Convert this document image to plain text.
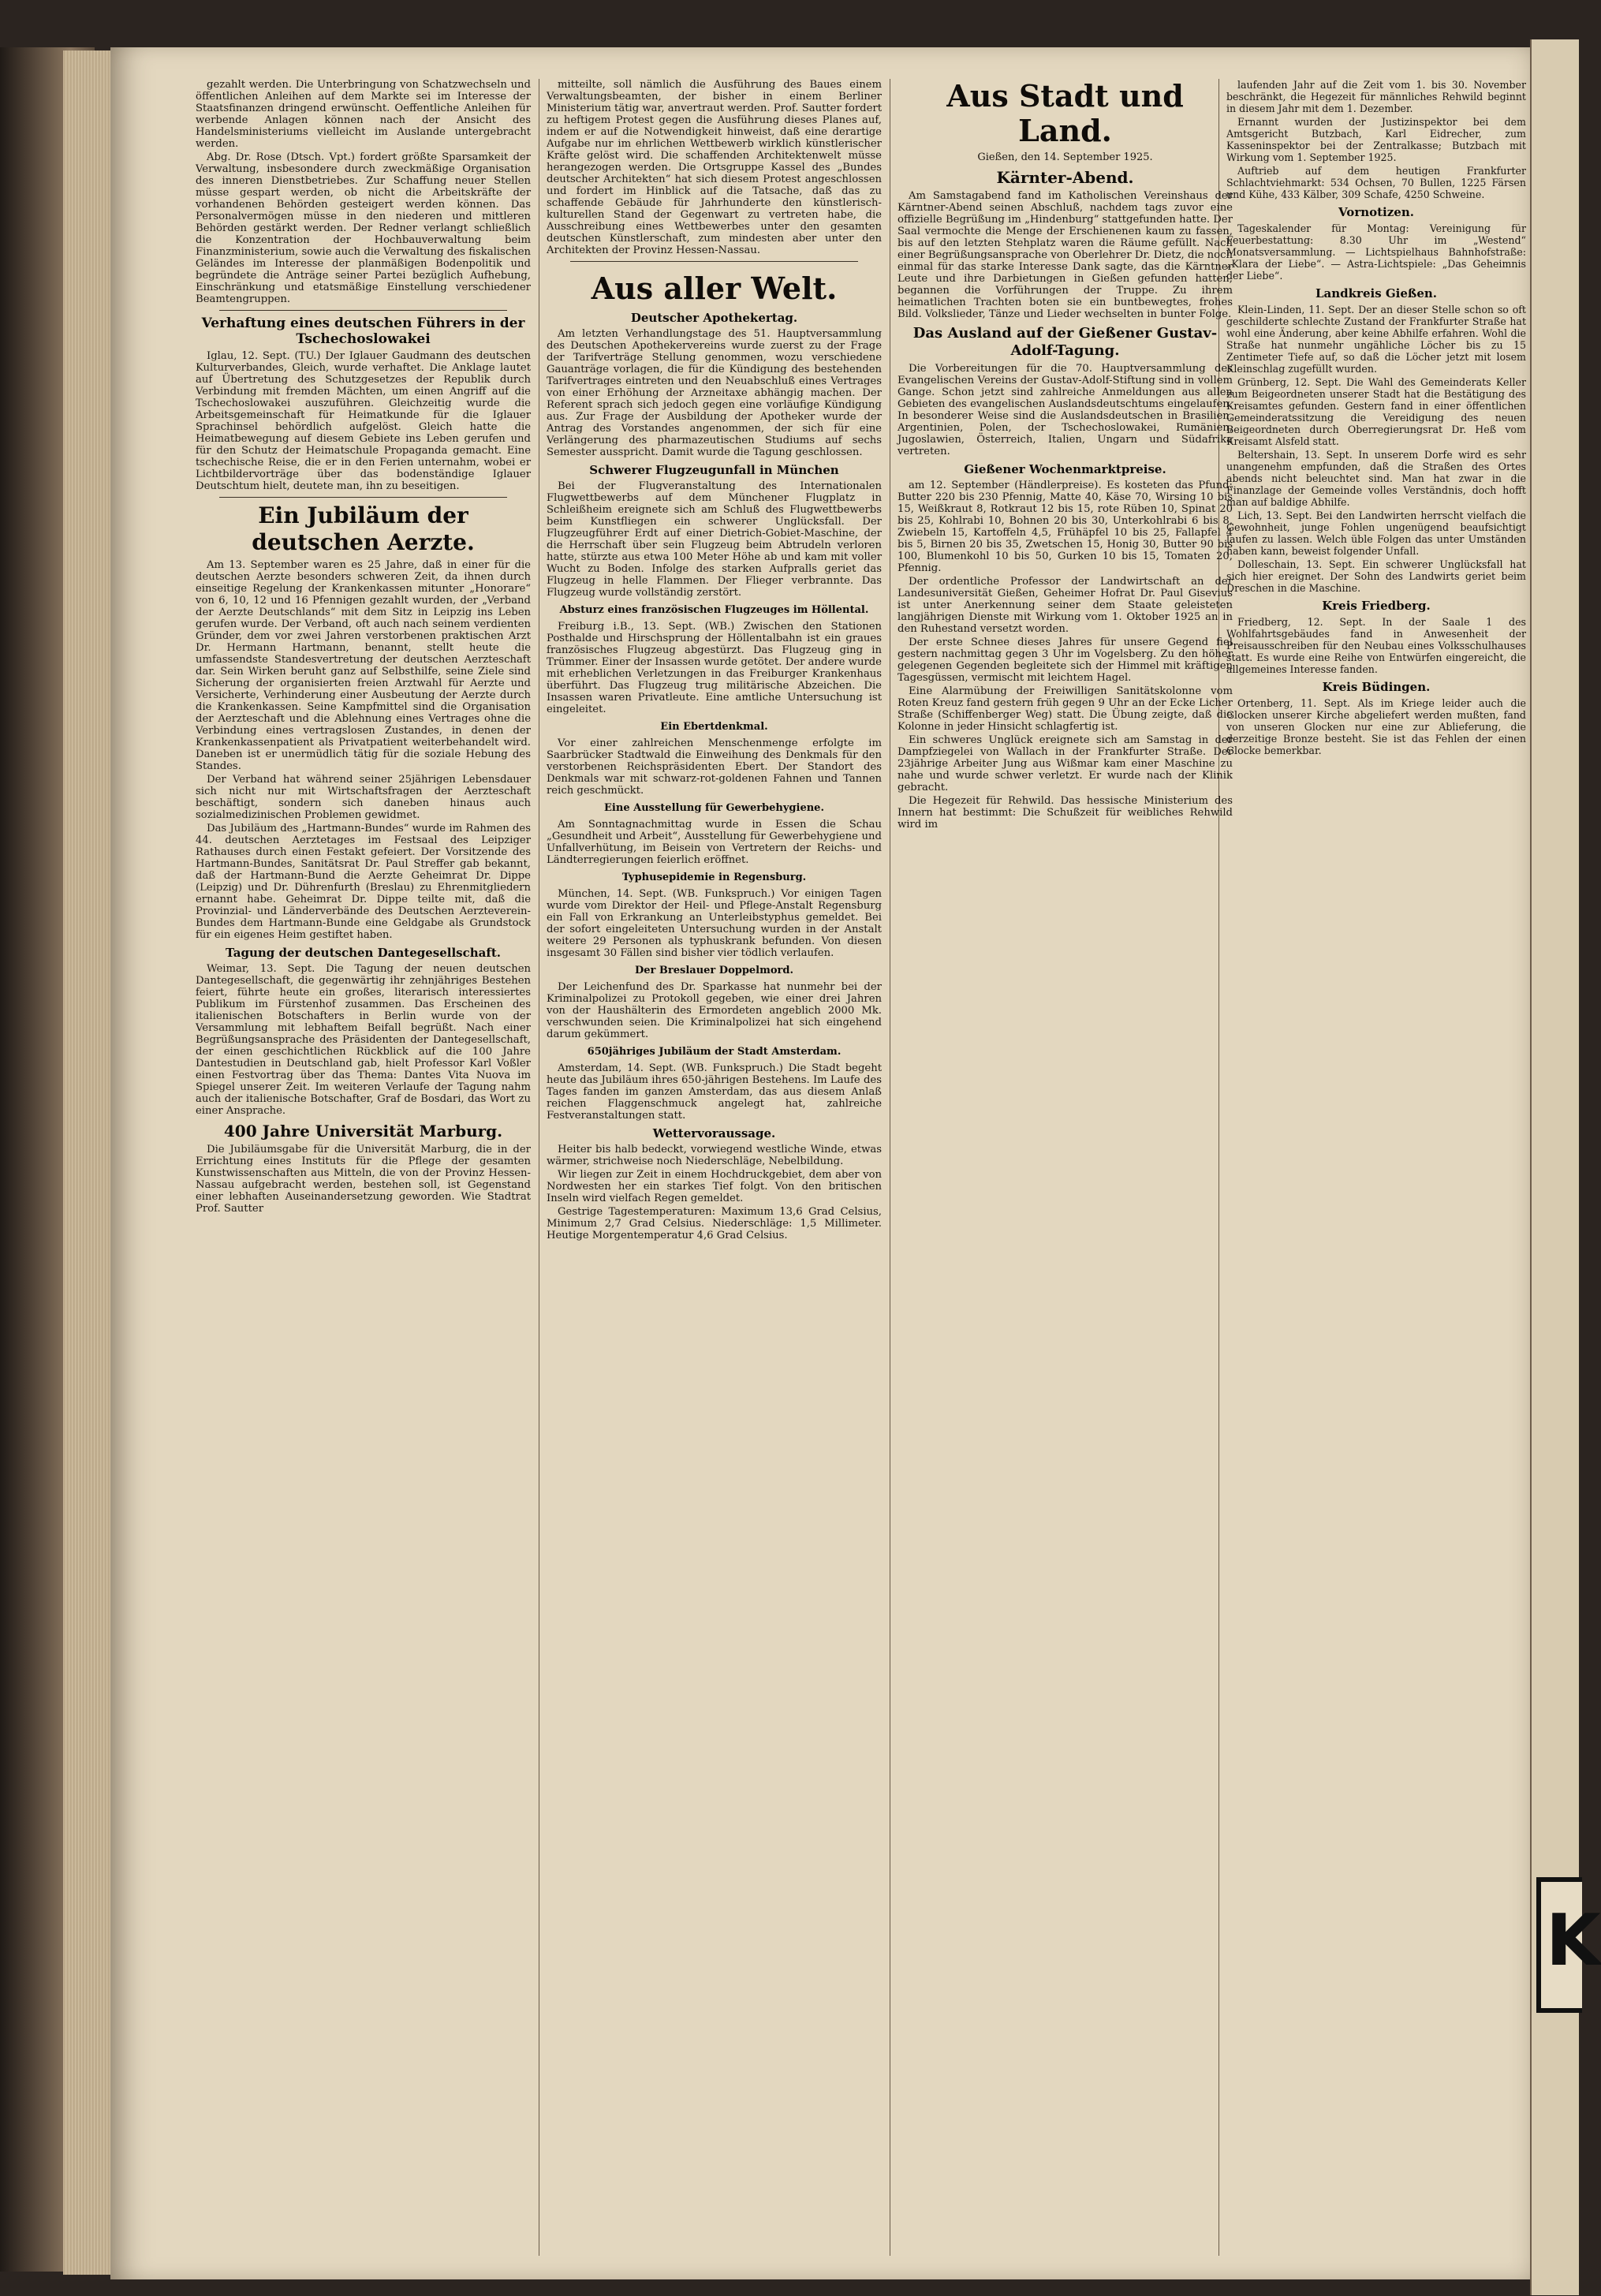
gezahlt werden. Die Unterbringung von Schatzwechseln und öffentlichen Anleihen auf dem Markte sei im Interesse der Staatsfinanzen dringend erwünscht. Oeffentliche Anleihen für werbende Anlagen können nach der Ansicht des Handelsministeriums vielleicht im Auslande untergebracht werden.

Abg. Dr. Rose (Dtsch. Vpt.) fordert größte Sparsamkeit der Verwaltung, insbesondere durch zweckmäßige Organisation des inneren Dienstbetriebes. Zur Schaffung neuer Stellen müsse gespart werden, ob nicht die Arbeitskräfte der vorhandenen Behörden gesteigert werden können. Das Personalvermögen müsse in den niederen und mittleren Behörden gestärkt werden. Der Redner verlangt schließlich die Konzentration der Hochbauverwaltung beim Finanzministerium, sowie auch die Verwaltung des fiskalischen Geländes im Interesse der planmäßigen Bodenpolitik und begründete die Anträge seiner Partei bezüglich Aufhebung, Einschränkung und etatsmäßige Einstellung verschiedener Beamtengruppen.

Verhaftung eines deutschen Führers in der Tschechoslowakei

Iglau, 12. Sept. (TU.) Der Iglauer Gaudmann des deutschen Kulturverbandes, Gleich, wurde verhaftet. Die Anklage lautet auf Übertretung des Schutzgesetzes der Republik durch Verbindung mit fremden Mächten, um einen Angriff auf die Tschechoslowakei auszuführen. Gleichzeitig wurde die Arbeitsgemeinschaft für Heimatkunde für die Iglauer Sprachinsel behördlich aufgelöst. Gleich hatte die Heimatbewegung auf diesem Gebiete ins Leben gerufen und für den Schutz der Heimatschule Propaganda gemacht. Eine tschechische Reise, die er in den Ferien unternahm, wobei er Lichtbildervorträge über das bodenständige Iglauer Deutschtum hielt, deutete man, ihn zu beseitigen.

Ein Jubiläum der deutschen Aerzte.

Am 13. September waren es 25 Jahre, daß in einer für die deutschen Aerzte besonders schweren Zeit, da ihnen durch einseitige Regelung der Krankenkassen mitunter „Honorare“ von 6, 10, 12 und 16 Pfennigen gezahlt wurden, der „Verband der Aerzte Deutschlands“ mit dem Sitz in Leipzig ins Leben gerufen wurde. Der Verband, oft auch nach seinem verdienten Gründer, dem vor zwei Jahren verstorbenen praktischen Arzt Dr. Hermann Hartmann, benannt, stellt heute die umfassendste Standesvertretung der deutschen Aerzteschaft dar. Sein Wirken beruht ganz auf Selbsthilfe, seine Ziele sind Sicherung der organisierten freien Arztwahl für Aerzte und Versicherte, Verhinderung einer Ausbeutung der Aerzte durch die Krankenkassen. Seine Kampfmittel sind die Organisation der Aerzteschaft und die Ablehnung eines Vertrages ohne die Verbindung eines vertragslosen Zustandes, in denen der Krankenkassenpatient als Privatpatient weiterbehandelt wird. Daneben ist er unermüdlich tätig für die soziale Hebung des Standes.

Der Verband hat während seiner 25jährigen Lebensdauer sich nicht nur mit Wirtschaftsfragen der Aerzteschaft beschäftigt, sondern sich daneben hinaus auch sozialmedizinischen Problemen gewidmet.

Das Jubiläum des „Hartmann-Bundes“ wurde im Rahmen des 44. deutschen Aerztetages im Festsaal des Leipziger Rathauses durch einen Festakt gefeiert. Der Vorsitzende des Hartmann-Bundes, Sanitätsrat Dr. Paul Streffer gab bekannt, daß der Hartmann-Bund die Aerzte Geheimrat Dr. Dippe (Leipzig) und Dr. Dührenfurth (Breslau) zu Ehrenmitgliedern ernannt habe. Geheimrat Dr. Dippe teilte mit, daß die Provinzial- und Länderverbände des Deutschen Aerzteverein-Bundes dem Hartmann-Bunde eine Geldgabe als Grundstock für ein eigenes Heim gestiftet haben.

Tagung der deutschen Dantegesellschaft.

Weimar, 13. Sept. Die Tagung der neuen deutschen Dantegesellschaft, die gegenwärtig ihr zehnjähriges Bestehen feiert, führte heute ein großes, literarisch interessiertes Publikum im Fürstenhof zusammen. Das Erscheinen des italienischen Botschafters in Berlin wurde von der Versammlung mit lebhaftem Beifall begrüßt. Nach einer Begrüßungsansprache des Präsidenten der Dantegesellschaft, der einen geschichtlichen Rückblick auf die 100 Jahre Dantestudien in Deutschland gab, hielt Professor Karl Voßler einen Festvortrag über das Thema: Dantes Vita Nuova im Spiegel unserer Zeit. Im weiteren Verlaufe der Tagung nahm auch der italienische Botschafter, Graf de Bosdari, das Wort zu einer Ansprache.

400 Jahre Universität Marburg.

Die Jubiläumsgabe für die Universität Marburg, die in der Errichtung eines Instituts für die Pflege der gesamten Kunstwissenschaften aus Mitteln, die von der Provinz Hessen-Nassau aufgebracht werden, bestehen soll, ist Gegenstand einer lebhaften Auseinandersetzung geworden. Wie Stadtrat Prof. Sautter

mitteilte, soll nämlich die Ausführung des Baues einem Verwaltungsbeamten, der bisher in einem Berliner Ministerium tätig war, anvertraut werden. Prof. Sautter fordert zu heftigem Protest gegen die Ausführung dieses Planes auf, indem er auf die Notwendigkeit hinweist, daß eine derartige Aufgabe nur im ehrlichen Wettbewerb wirklich künstlerischer Kräfte gelöst wird. Die schaffenden Architektenwelt müsse herangezogen werden. Die Ortsgruppe Kassel des „Bundes deutscher Architekten“ hat sich diesem Protest angeschlossen und fordert im Hinblick auf die Tatsache, daß das zu schaffende Gebäude für Jahrhunderte den künstlerisch-kulturellen Stand der Gegenwart zu vertreten habe, die Ausschreibung eines Wettbewerbes unter den gesamten deutschen Künstlerschaft, zum mindesten aber unter den Architekten der Provinz Hessen-Nassau.

Aus aller Welt.
Deutscher Apothekertag.

Am letzten Verhandlungstage des 51. Hauptversammlung des Deutschen Apothekervereins wurde zuerst zu der Frage der Tarifverträge Stellung genommen, wozu verschiedene Gauanträge vorlagen, die für die Kündigung des bestehenden Tarifvertrages eintreten und den Neuabschluß eines Vertrages von einer Erhöhung der Arzneitaxe abhängig machen. Der Referent sprach sich jedoch gegen eine vorläufige Kündigung aus. Zur Frage der Ausbildung der Apotheker wurde der Antrag des Vorstandes angenommen, der sich für eine Verlängerung des pharmazeutischen Studiums auf sechs Semester ausspricht. Damit wurde die Tagung geschlossen.

Schwerer Flugzeugunfall in München

Bei der Flugveranstaltung des Internationalen Flugwettbewerbs auf dem Münchener Flugplatz in Schleißheim ereignete sich am Schluß des Flugwettbewerbs beim Kunstfliegen ein schwerer Unglücksfall. Der Flugzeugführer Erdt auf einer Dietrich-Gobiet-Maschine, der die Herrschaft über sein Flugzeug beim Abtrudeln verloren hatte, stürzte aus etwa 100 Meter Höhe ab und kam mit voller Wucht zu Boden. Infolge des starken Aufpralls geriet das Flugzeug in helle Flammen. Der Flieger verbrannte. Das Flugzeug wurde vollständig zerstört.

Absturz eines französischen Flugzeuges im Höllental.

Freiburg i.B., 13. Sept. (WB.) Zwischen den Stationen Posthalde und Hirschsprung der Höllentalbahn ist ein graues französisches Flugzeug abgestürzt. Das Flugzeug ging in Trümmer. Einer der Insassen wurde getötet. Der andere wurde mit erheblichen Verletzungen in das Freiburger Krankenhaus überführt. Das Flugzeug trug militärische Abzeichen. Die Insassen waren Privatleute. Eine amtliche Untersuchung ist eingeleitet.

Ein Ebertdenkmal.

Vor einer zahlreichen Menschenmenge erfolgte im Saarbrücker Stadtwald die Einweihung des Denkmals für den verstorbenen Reichspräsidenten Ebert. Der Standort des Denkmals war mit schwarz-rot-goldenen Fahnen und Tannen reich geschmückt.

Eine Ausstellung für Gewerbehygiene.

Am Sonntagnachmittag wurde in Essen die Schau „Gesundheit und Arbeit“, Ausstellung für Gewerbehygiene und Unfallverhütung, im Beisein von Vertretern der Reichs- und Ländterregierungen feierlich eröffnet.

Typhusepidemie in Regensburg.

München, 14. Sept. (WB. Funkspruch.) Vor einigen Tagen wurde vom Direktor der Heil- und Pflege-Anstalt Regensburg ein Fall von Erkrankung an Unterleibstyphus gemeldet. Bei der sofort eingeleiteten Untersuchung wurden in der Anstalt weitere 29 Personen als typhuskrank befunden. Von diesen insgesamt 30 Fällen sind bisher vier tödlich verlaufen.

Der Breslauer Doppelmord.

Der Leichenfund des Dr. Sparkasse hat nunmehr bei der Kriminalpolizei zu Protokoll gegeben, wie einer drei Jahren von der Haushälterin des Ermordeten angeblich 2000 Mk. verschwunden seien. Die Kriminalpolizei hat sich eingehend darum gekümmert.

650jähriges Jubiläum der Stadt Amsterdam.

Amsterdam, 14. Sept. (WB. Funkspruch.) Die Stadt begeht heute das Jubiläum ihres 650-jährigen Bestehens. Im Laufe des Tages fanden im ganzen Amsterdam, das aus diesem Anlaß reichen Flaggenschmuck angelegt hat, zahlreiche Festveranstaltungen statt.

Wettervoraussage.

Heiter bis halb bedeckt, vorwiegend westliche Winde, etwas wärmer, strichweise noch Niederschläge, Nebelbildung.

Wir liegen zur Zeit in einem Hochdruckgebiet, dem aber von Nordwesten her ein starkes Tief folgt. Von den britischen Inseln wird vielfach Regen gemeldet.

Gestrige Tagestemperaturen: Maximum 13,6 Grad Celsius, Minimum 2,7 Grad Celsius. Niederschläge: 1,5 Millimeter. Heutige Morgentemperatur 4,6 Grad Celsius.

Aus Stadt und Land.
Gießen, den 14. September 1925.
Kärnter-Abend.

Am Samstagabend fand im Katholischen Vereinshaus der Kärntner-Abend seinen Abschluß, nachdem tags zuvor eine offizielle Begrüßung im „Hindenburg“ stattgefunden hatte. Der Saal vermochte die Menge der Erschienenen kaum zu fassen, bis auf den letzten Stehplatz waren die Räume gefüllt. Nach einer Begrüßungsansprache von Oberlehrer Dr. Dietz, die noch einmal für das starke Interesse Dank sagte, das die Kärntner Leute und ihre Darbietungen in Gießen gefunden hatten, begannen die Vorführungen der Truppe. Zu ihrem heimatlichen Trachten boten sie ein buntbewegtes, frohes Bild. Volkslieder, Tänze und Lieder wechselten in bunter Folge.

Das Ausland auf der Gießener Gustav-Adolf-Tagung.

Die Vorbereitungen für die 70. Hauptversammlung des Evangelischen Vereins der Gustav-Adolf-Stiftung sind in vollem Gange. Schon jetzt sind zahlreiche Anmeldungen aus allen Gebieten des evangelischen Auslandsdeutschtums eingelaufen. In besonderer Weise sind die Auslandsdeutschen in Brasilien, Argentinien, Polen, der Tschechoslowakei, Rumänien, Jugoslawien, Österreich, Italien, Ungarn und Südafrika vertreten.

Gießener Wochenmarktpreise.

am 12. September (Händlerpreise). Es kosteten das Pfund: Butter 220 bis 230 Pfennig, Matte 40, Käse 70, Wirsing 10 bis 15, Weißkraut 8, Rotkraut 12 bis 15, rote Rüben 10, Spinat 20 bis 25, Kohlrabi 10, Bohnen 20 bis 30, Unterkohlrabi 6 bis 8, Zwiebeln 15, Kartoffeln 4,5, Frühäpfel 10 bis 25, Fallapfel 4 bis 5, Birnen 20 bis 35, Zwetschen 15, Honig 30, Butter 90 bis 100, Blumenkohl 10 bis 50, Gurken 10 bis 15, Tomaten 20, Pfennig.

Der ordentliche Professor der Landwirtschaft an der Landesuniversität Gießen, Geheimer Hofrat Dr. Paul Gisevius ist unter Anerkennung seiner dem Staate geleisteten langjährigen Dienste mit Wirkung vom 1. Oktober 1925 an in den Ruhestand versetzt worden.

Der erste Schnee dieses Jahres für unsere Gegend fiel gestern nachmittag gegen 3 Uhr im Vogelsberg. Zu den höher gelegenen Gegenden begleitete sich der Himmel mit kräftigen Tagesgüssen, vermischt mit leichtem Hagel.

Eine Alarmübung der Freiwilligen Sanitätskolonne vom Roten Kreuz fand gestern früh gegen 9 Uhr an der Ecke Licher Straße (Schiffenberger Weg) statt. Die Übung zeigte, daß die Kolonne in jeder Hinsicht schlagfertig ist.

Ein schweres Unglück ereignete sich am Samstag in der Dampfziegelei von Wallach in der Frankfurter Straße. Der 23jährige Arbeiter Jung aus Wißmar kam einer Maschine zu nahe und wurde schwer verletzt. Er wurde nach der Klinik gebracht.

Die Hegezeit für Rehwild. Das hessische Ministerium des Innern hat bestimmt: Die Schußzeit für weibliches Rehwild wird im

laufenden Jahr auf die Zeit vom 1. bis 30. November beschränkt, die Hegezeit für männliches Rehwild beginnt in diesem Jahr mit dem 1. Dezember.

Ernannt wurden der Justizinspektor bei dem Amtsgericht Butzbach, Karl Eidrecher, zum Kasseninspektor bei der Zentralkasse; Butzbach mit Wirkung vom 1. September 1925.

Auftrieb auf dem heutigen Frankfurter Schlachtviehmarkt: 534 Ochsen, 70 Bullen, 1225 Färsen und Kühe, 433 Kälber, 309 Schafe, 4250 Schweine.

Vornotizen.

Tageskalender für Montag: Vereinigung für Feuerbestattung: 8.30 Uhr im „Westend“ Monatsversammlung. — Lichtspielhaus Bahnhofstraße: „Klara der Liebe“. — Astra-Lichtspiele: „Das Geheimnis der Liebe“.

Landkreis Gießen.

Klein-Linden, 11. Sept. Der an dieser Stelle schon so oft geschilderte schlechte Zustand der Frankfurter Straße hat wohl eine Änderung, aber keine Abhilfe erfahren. Wohl die Straße hat nunmehr ungähliche Löcher bis zu 15 Zentimeter Tiefe auf, so daß die Löcher jetzt mit losem Kleinschlag zugefüllt wurden.

Grünberg, 12. Sept. Die Wahl des Gemeinderats Keller zum Beigeordneten unserer Stadt hat die Bestätigung des Kreisamtes gefunden. Gestern fand in einer öffentlichen Gemeinderatssitzung die Vereidigung des neuen Beigeordneten durch Oberregierungsrat Dr. Heß vom Kreisamt Alsfeld statt.

Beltershain, 13. Sept. In unserem Dorfe wird es sehr unangenehm empfunden, daß die Straßen des Ortes abends nicht beleuchtet sind. Man hat zwar in die Finanzlage der Gemeinde volles Verständnis, doch hofft man auf baldige Abhilfe.

Lich, 13. Sept. Bei den Landwirten herrscht vielfach die Gewohnheit, junge Fohlen ungenügend beaufsichtigt laufen zu lassen. Welch üble Folgen das unter Umständen haben kann, beweist folgender Unfall.

Dolleschain, 13. Sept. Ein schwerer Unglücksfall hat sich hier ereignet. Der Sohn des Landwirts geriet beim Dreschen in die Maschine.

Kreis Friedberg.

Friedberg, 12. Sept. In der Saale 1 des Wohlfahrtsgebäudes fand in Anwesenheit der Preisausschreiben für den Neubau eines Volksschulhauses statt. Es wurde eine Reihe von Entwürfen eingereicht, die allgemeines Interesse fanden.

Kreis Büdingen.

Ortenberg, 11. Sept. Als im Kriege leider auch die Glocken unserer Kirche abgeliefert werden mußten, fand von unseren Glocken nur eine zur Ablieferung, die derzeitige Bronze besteht. Sie ist das Fehlen der einen Glocke bemerkbar.

K
